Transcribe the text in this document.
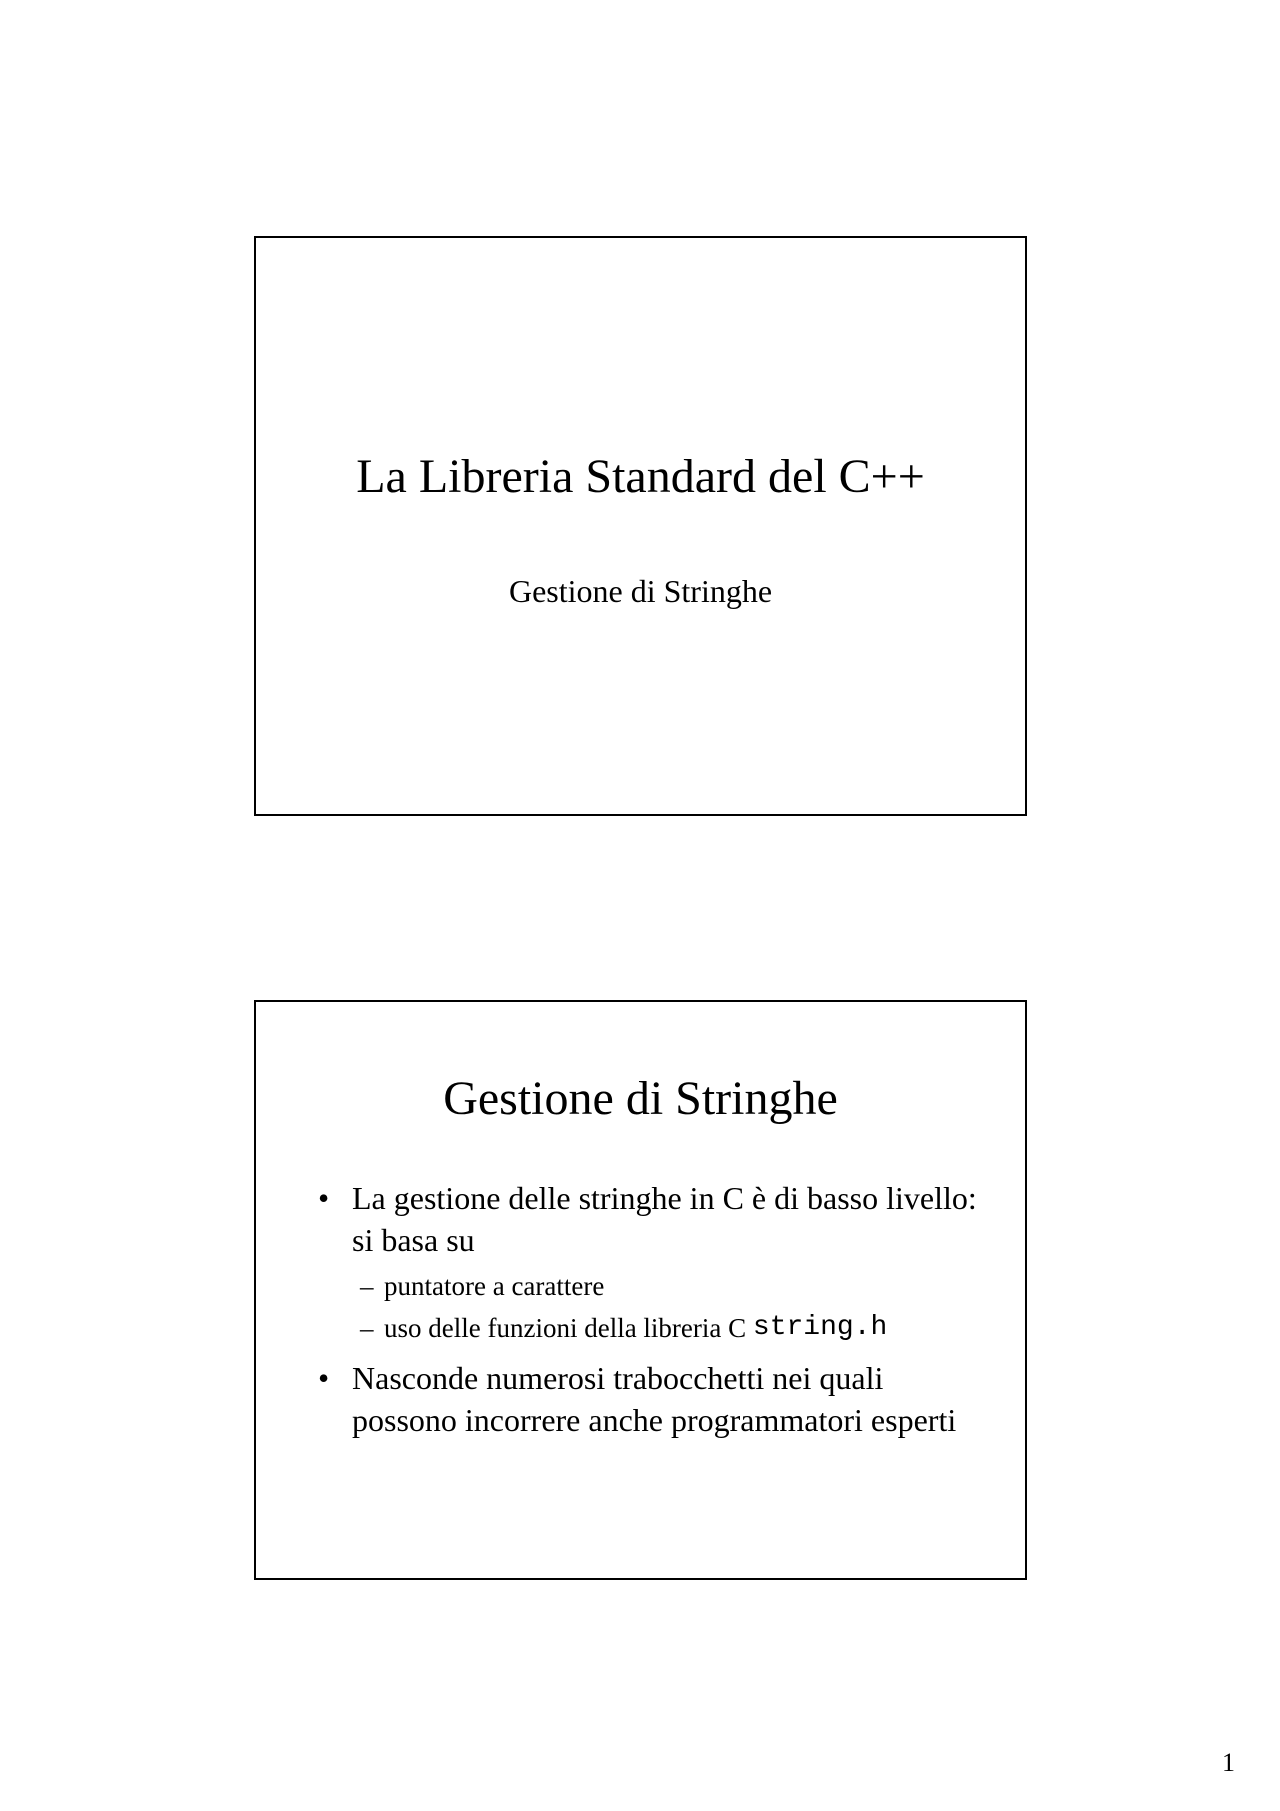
La Libreria Standard del C++
Gestione di Stringhe
Gestione di Stringhe
• La gestione delle stringhe in C è di basso livello: si basa su
– puntatore a carattere
– uso delle funzioni della libreria C string.h
• Nasconde numerosi trabocchetti nei quali possono incorrere anche programmatori esperti
1
